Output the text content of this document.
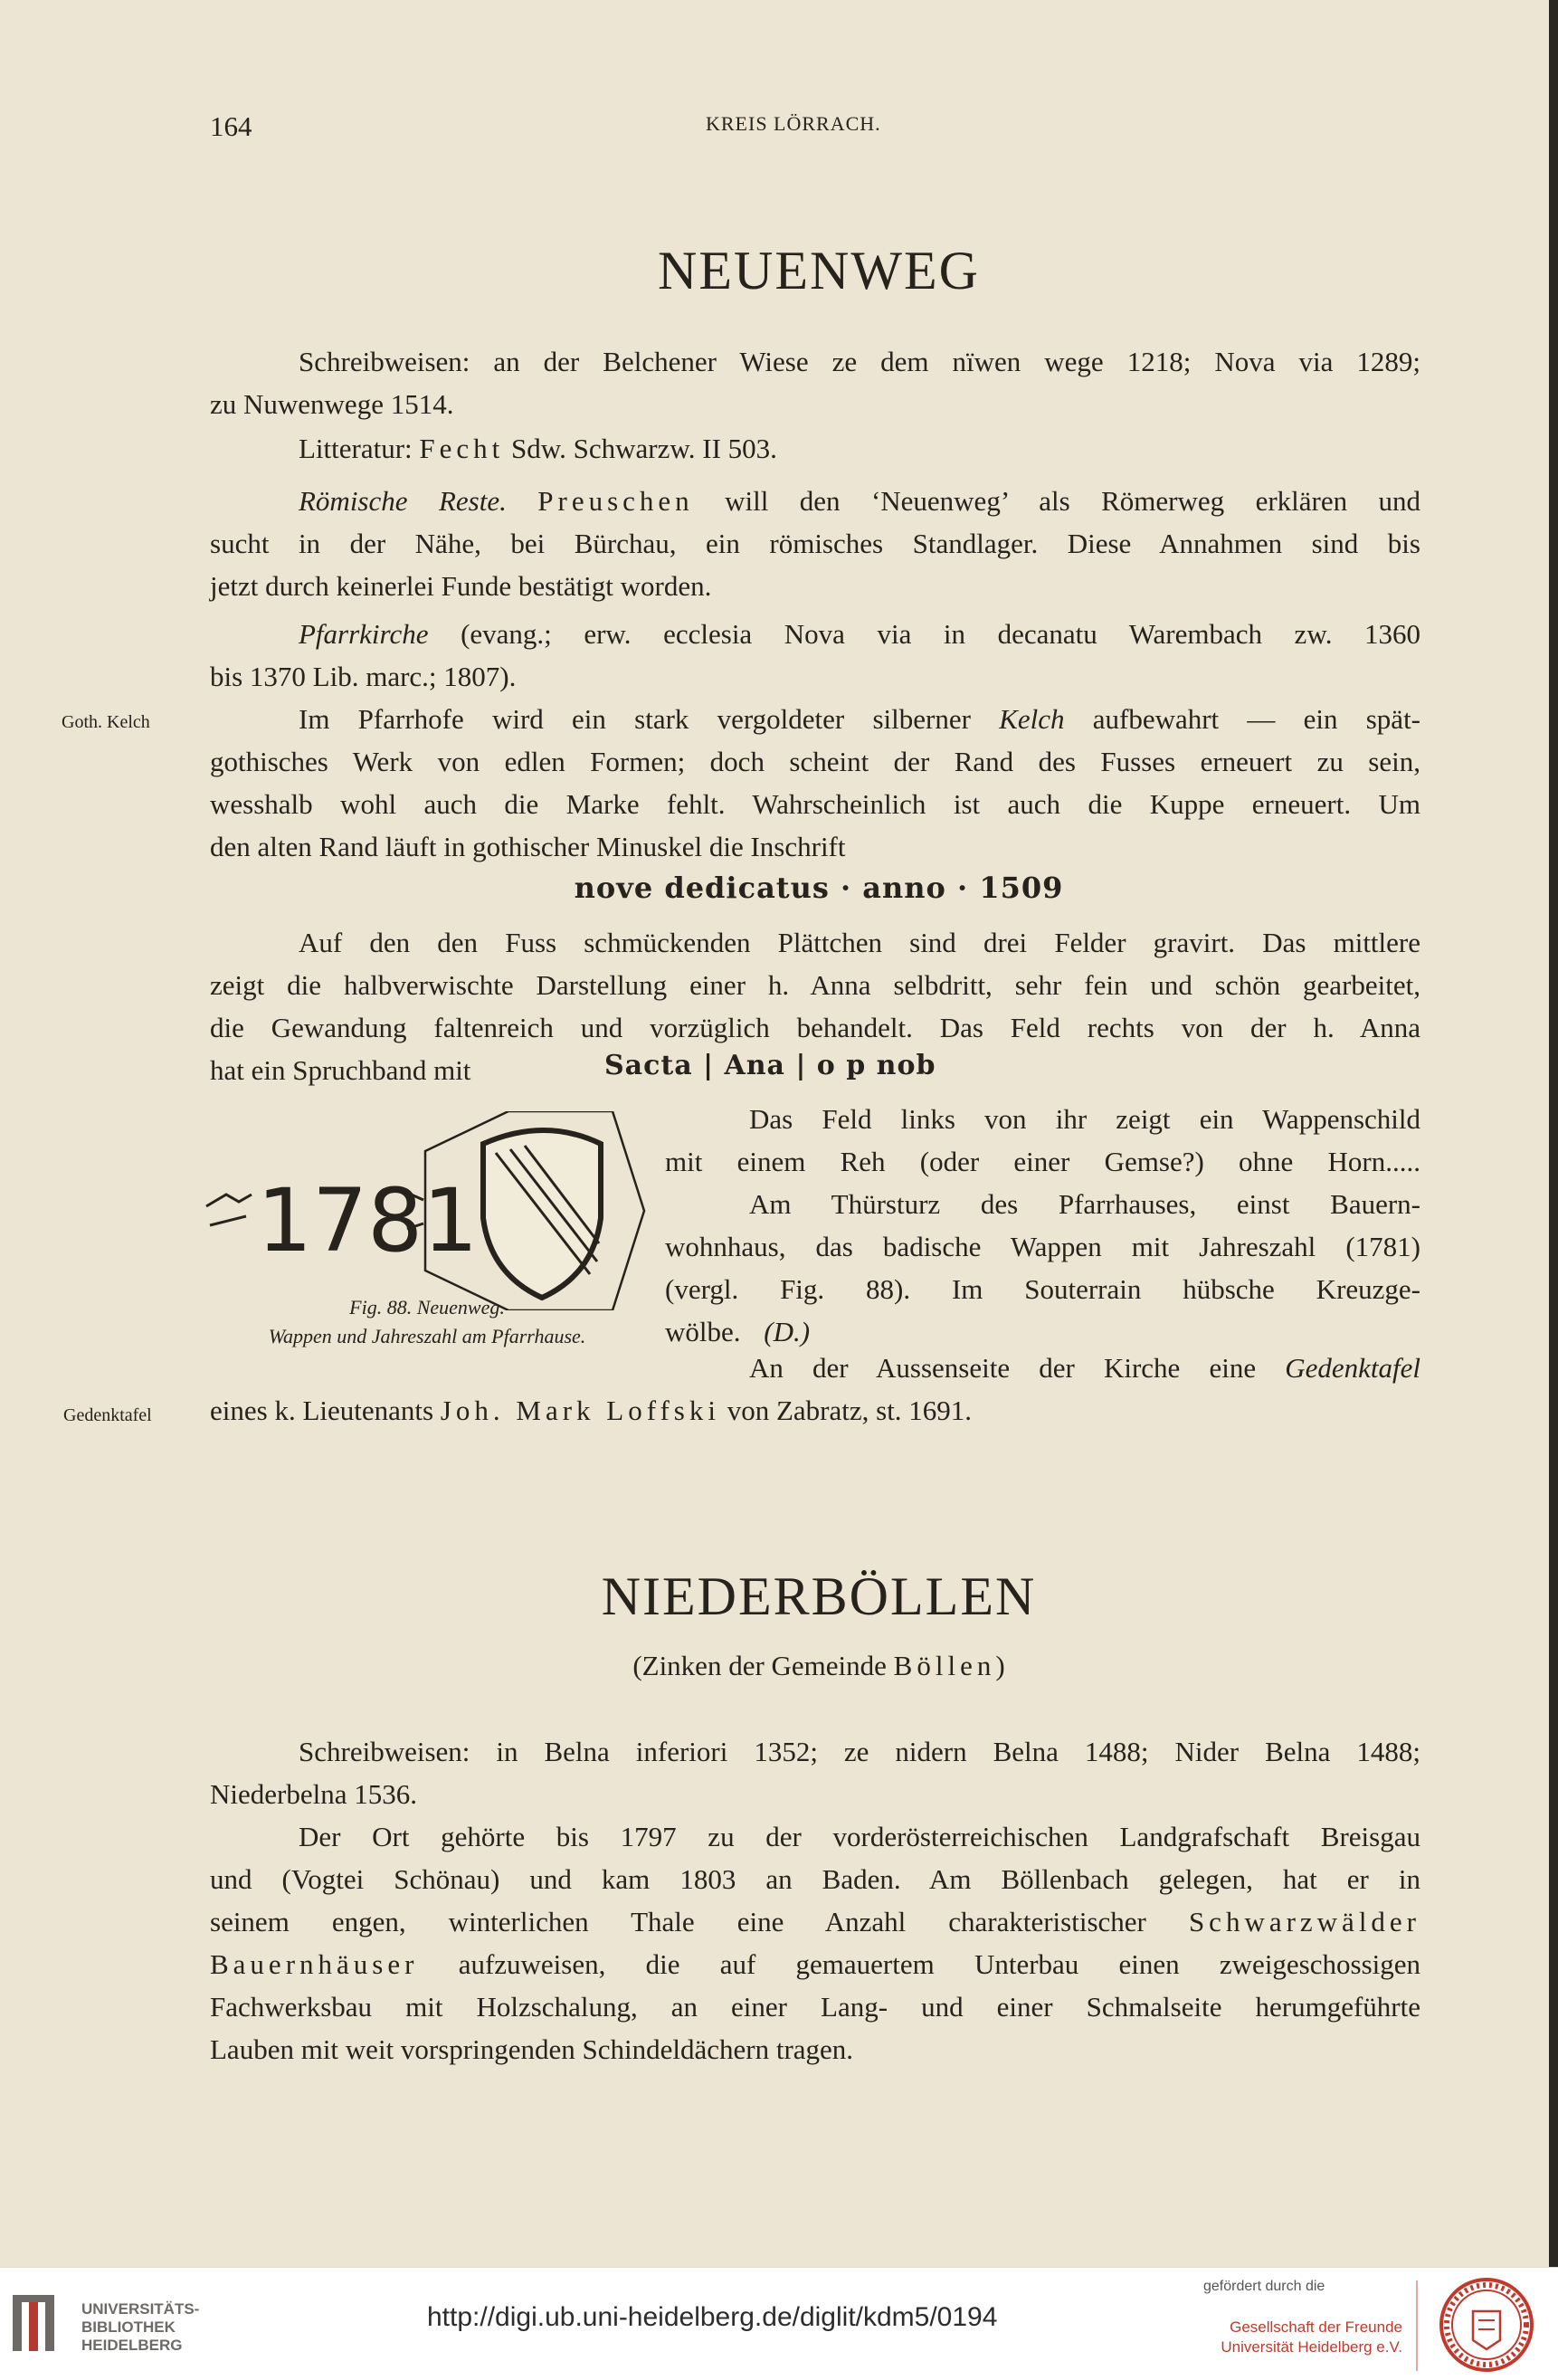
164	KREIS LÖRRACH.
NEUENWEG
Schreibweisen: an der Belchener Wiese ze dem nïwen wege 1218; Nova via 1289;
zu Nuwenwege 1514.
Litteratur: Fecht Sdw. Schwarzw. II 503.
Römische Reste. Preuschen will den ‘Neuenweg’ als Römerweg erklären und
sucht in der Nähe, bei Bürchau, ein römisches Standlager. Diese Annahmen sind bis
jetzt durch keinerlei Funde bestätigt worden.
Pfarrkirche (evang.; erw. ecclesia Nova via in decanatu Warembach zw. 1360
bis 1370 Lib. marc.; 1807).
Goth. Kelch	Im Pfarrhofe wird ein stark vergoldeter silberner Kelch aufbewahrt — ein spät-
gothisches Werk von edlen Formen; doch scheint der Rand des Fusses erneuert zu sein,
wesshalb wohl auch die Marke fehlt. Wahrscheinlich ist auch die Kuppe erneuert. Um
den alten Rand läuft in gothischer Minuskel die Inschrift
nove dedicatus · anno · 1509
Auf den den Fuss schmückenden Plättchen sind drei Felder gravirt. Das mittlere
zeigt die halbverwischte Darstellung einer h. Anna selbdritt, sehr fein und schön gearbeitet,
die Gewandung faltenreich und vorzüglich behandelt. Das Feld rechts von der h. Anna
hat ein Spruchband mit	Sacta | Ana | o p nob
Das Feld links von ihr zeigt ein Wappenschild
mit einem Reh (oder einer Gemse?) ohne Horn.....
Am Thürsturz des Pfarrhauses, einst Bauern-
wohnhaus, das badische Wappen mit Jahreszahl (1781)
(vergl. Fig. 88). Im Souterrain hübsche Kreuzge-
wölbe. (D.)
1781
Fig. 88. Neuenweg.
Wappen und Jahreszahl am Pfarrhause.
An der Aussenseite der Kirche eine Gedenktafel
Gedenktafel eines k. Lieutenants Joh. Mark Loffski von Zabratz, st. 1691.
NIEDERBÖLLEN
(Zinken der Gemeinde Böllen)
Schreibweisen: in Belna inferiori 1352; ze nidern Belna 1488; Nider Belna 1488;
Niederbelna 1536.
Der Ort gehörte bis 1797 zu der vorderösterreichischen Landgrafschaft Breisgau
und (Vogtei Schönau) und kam 1803 an Baden. Am Böllenbach gelegen, hat er in
seinem engen, winterlichen Thale eine Anzahl charakteristischer Schwarzwälder
Bauernhäuser aufzuweisen, die auf gemauertem Unterbau einen zweigeschossigen
Fachwerksbau mit Holzschalung, an einer Lang- und einer Schmalseite herumgeführte
Lauben mit weit vorspringenden Schindeldächern tragen.
UNIVERSITÄTS-
BIBLIOTHEK
HEIDELBERG
http://digi.ub.uni-heidelberg.de/diglit/kdm5/0194
gefördert durch die
Gesellschaft der Freunde
Universität Heidelberg e.V.
